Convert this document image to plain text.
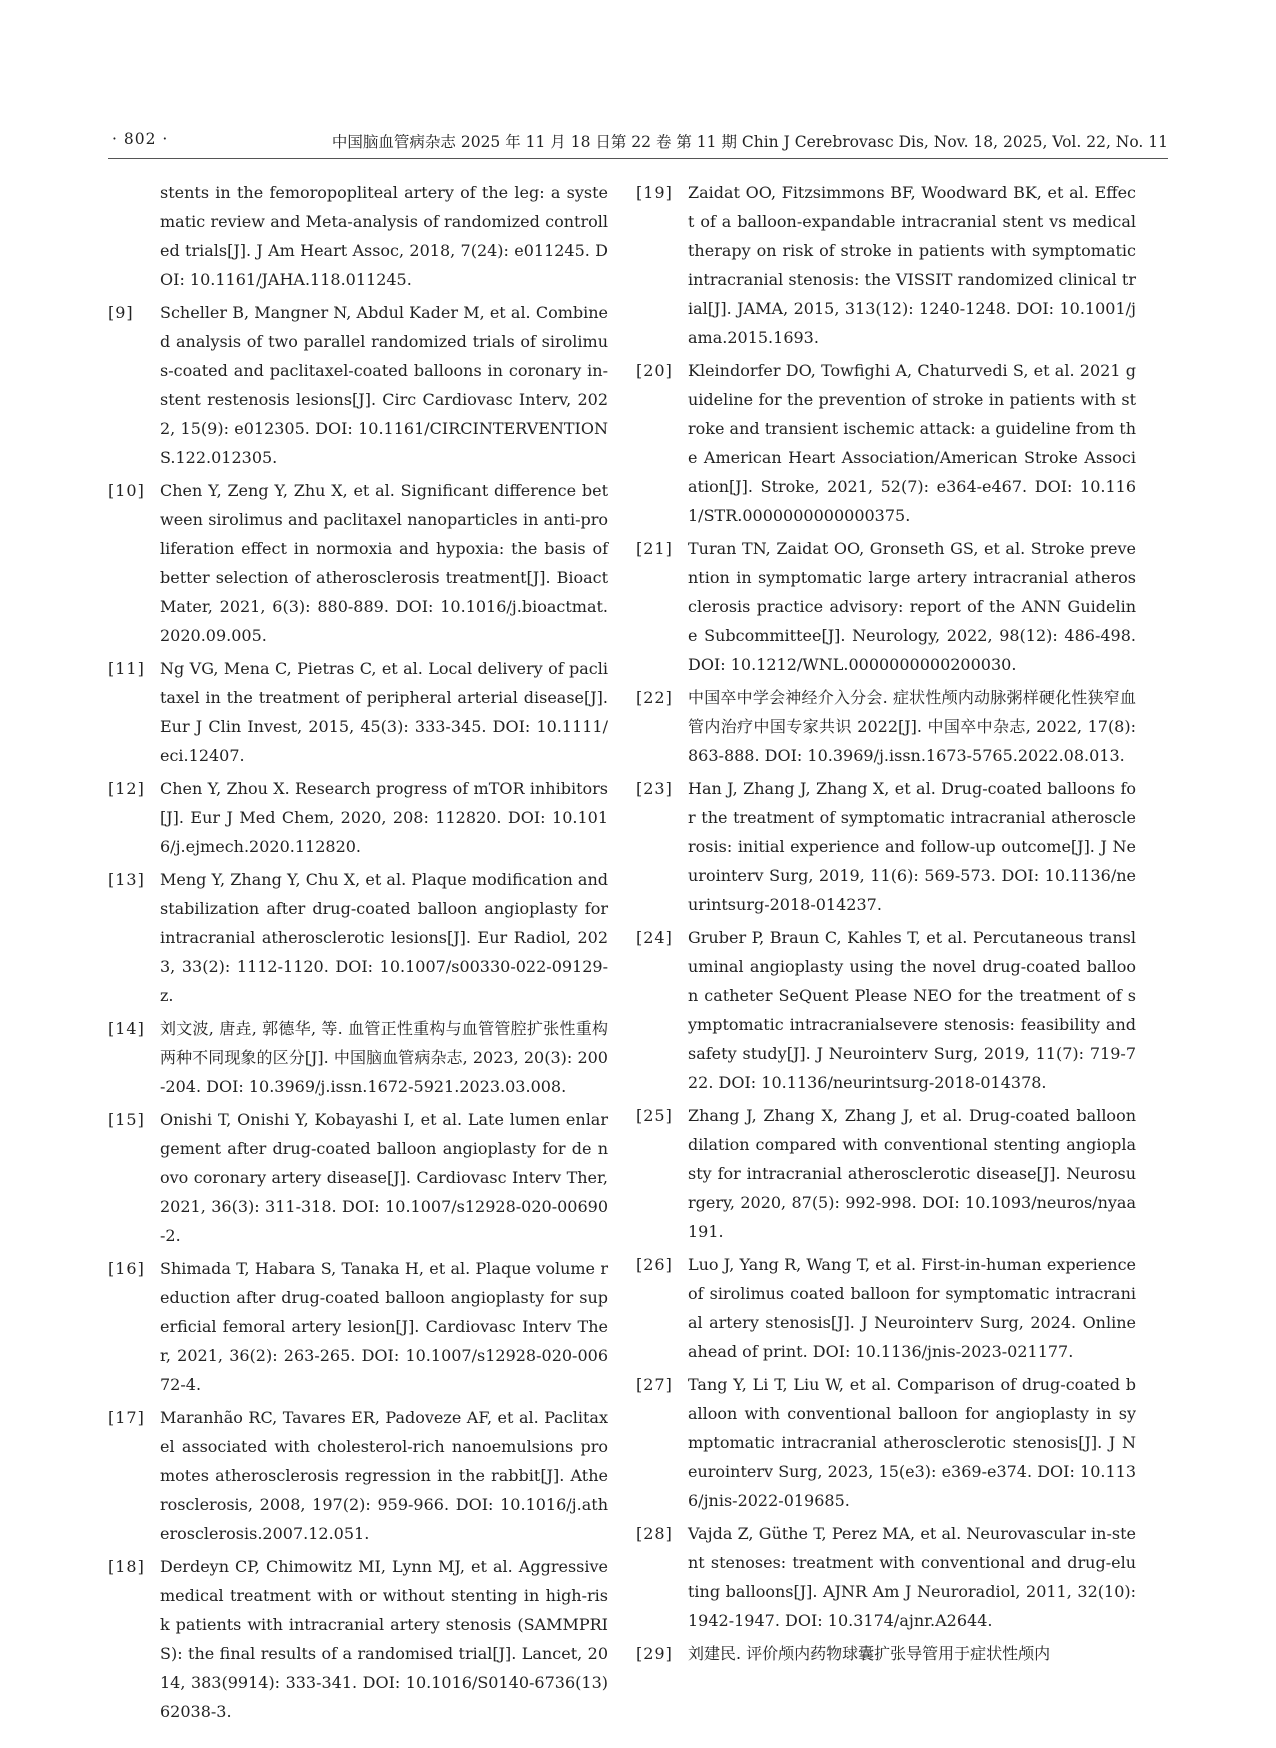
· 802 ·	中国脑血管病杂志 2025 年 11 月 18 日第 22 卷 第 11 期 Chin J Cerebrovasc Dis, Nov. 18, 2025, Vol. 22, No. 11
stents in the femoropopliteal artery of the leg: a systematic review and Meta-analysis of randomized controlled trials[J]. J Am Heart Assoc, 2018, 7(24): e011245. DOI: 10.1161/JAHA.118.011245.
[9] Scheller B, Mangner N, Abdul Kader M, et al. Combined analysis of two parallel randomized trials of sirolimus-coated and paclitaxel-coated balloons in coronary in-stent restenosis lesions[J]. Circ Cardiovasc Interv, 2022, 15(9): e012305. DOI: 10.1161/CIRCINTERVENTIONS.122.012305.
[10] Chen Y, Zeng Y, Zhu X, et al. Significant difference between sirolimus and paclitaxel nanoparticles in anti-proliferation effect in normoxia and hypoxia: the basis of better selection of atherosclerosis treatment[J]. Bioact Mater, 2021, 6(3): 880-889. DOI: 10.1016/j.bioactmat.2020.09.005.
[11] Ng VG, Mena C, Pietras C, et al. Local delivery of paclitaxel in the treatment of peripheral arterial disease[J]. Eur J Clin Invest, 2015, 45(3): 333-345. DOI: 10.1111/eci.12407.
[12] Chen Y, Zhou X. Research progress of mTOR inhibitors[J]. Eur J Med Chem, 2020, 208: 112820. DOI: 10.1016/j.ejmech.2020.112820.
[13] Meng Y, Zhang Y, Chu X, et al. Plaque modification and stabilization after drug-coated balloon angioplasty for intracranial atherosclerotic lesions[J]. Eur Radiol, 2023, 33(2): 1112-1120. DOI: 10.1007/s00330-022-09129-z.
[14] 刘文波, 唐垚, 郭德华, 等. 血管正性重构与血管管腔扩张性重构两种不同现象的区分[J]. 中国脑血管病杂志, 2023, 20(3): 200-204. DOI: 10.3969/j.issn.1672-5921.2023.03.008.
[15] Onishi T, Onishi Y, Kobayashi I, et al. Late lumen enlargement after drug-coated balloon angioplasty for de novo coronary artery disease[J]. Cardiovasc Interv Ther, 2021, 36(3): 311-318. DOI: 10.1007/s12928-020-00690-2.
[16] Shimada T, Habara S, Tanaka H, et al. Plaque volume reduction after drug-coated balloon angioplasty for superficial femoral artery lesion[J]. Cardiovasc Interv Ther, 2021, 36(2): 263-265. DOI: 10.1007/s12928-020-00672-4.
[17] Maranhão RC, Tavares ER, Padoveze AF, et al. Paclitaxel associated with cholesterol-rich nanoemulsions promotes atherosclerosis regression in the rabbit[J]. Atherosclerosis, 2008, 197(2): 959-966. DOI: 10.1016/j.atherosclerosis.2007.12.051.
[18] Derdeyn CP, Chimowitz MI, Lynn MJ, et al. Aggressive medical treatment with or without stenting in high-risk patients with intracranial artery stenosis (SAMMPRIS): the final results of a randomised trial[J]. Lancet, 2014, 383(9914): 333-341. DOI: 10.1016/S0140-6736(13)62038-3.
[19] Zaidat OO, Fitzsimmons BF, Woodward BK, et al. Effect of a balloon-expandable intracranial stent vs medical therapy on risk of stroke in patients with symptomatic intracranial stenosis: the VISSIT randomized clinical trial[J]. JAMA, 2015, 313(12): 1240-1248. DOI: 10.1001/jama.2015.1693.
[20] Kleindorfer DO, Towfighi A, Chaturvedi S, et al. 2021 guideline for the prevention of stroke in patients with stroke and transient ischemic attack: a guideline from the American Heart Association/American Stroke Association[J]. Stroke, 2021, 52(7): e364-e467. DOI: 10.1161/STR.0000000000000375.
[21] Turan TN, Zaidat OO, Gronseth GS, et al. Stroke prevention in symptomatic large artery intracranial atherosclerosis practice advisory: report of the ANN Guideline Subcommittee[J]. Neurology, 2022, 98(12): 486-498. DOI: 10.1212/WNL.0000000000200030.
[22] 中国卒中学会神经介入分会. 症状性颅内动脉粥样硬化性狭窄血管内治疗中国专家共识 2022[J]. 中国卒中杂志, 2022, 17(8): 863-888. DOI: 10.3969/j.issn.1673-5765.2022.08.013.
[23] Han J, Zhang J, Zhang X, et al. Drug-coated balloons for the treatment of symptomatic intracranial atherosclerosis: initial experience and follow-up outcome[J]. J Neurointerv Surg, 2019, 11(6): 569-573. DOI: 10.1136/neurintsurg-2018-014237.
[24] Gruber P, Braun C, Kahles T, et al. Percutaneous transluminal angioplasty using the novel drug-coated balloon catheter SeQuent Please NEO for the treatment of symptomatic intracranialsevere stenosis: feasibility and safety study[J]. J Neurointerv Surg, 2019, 11(7): 719-722. DOI: 10.1136/neurintsurg-2018-014378.
[25] Zhang J, Zhang X, Zhang J, et al. Drug-coated balloon dilation compared with conventional stenting angioplasty for intracranial atherosclerotic disease[J]. Neurosurgery, 2020, 87(5): 992-998. DOI: 10.1093/neuros/nyaa191.
[26] Luo J, Yang R, Wang T, et al. First-in-human experience of sirolimus coated balloon for symptomatic intracranial artery stenosis[J]. J Neurointerv Surg, 2024. Online ahead of print. DOI: 10.1136/jnis-2023-021177.
[27] Tang Y, Li T, Liu W, et al. Comparison of drug-coated balloon with conventional balloon for angioplasty in symptomatic intracranial atherosclerotic stenosis[J]. J Neurointerv Surg, 2023, 15(e3): e369-e374. DOI: 10.1136/jnis-2022-019685.
[28] Vajda Z, Güthe T, Perez MA, et al. Neurovascular in-stent stenoses: treatment with conventional and drug-eluting balloons[J]. AJNR Am J Neuroradiol, 2011, 32(10): 1942-1947. DOI: 10.3174/ajnr.A2644.
[29] 刘建民. 评价颅内药物球囊扩张导管用于症状性颅内
